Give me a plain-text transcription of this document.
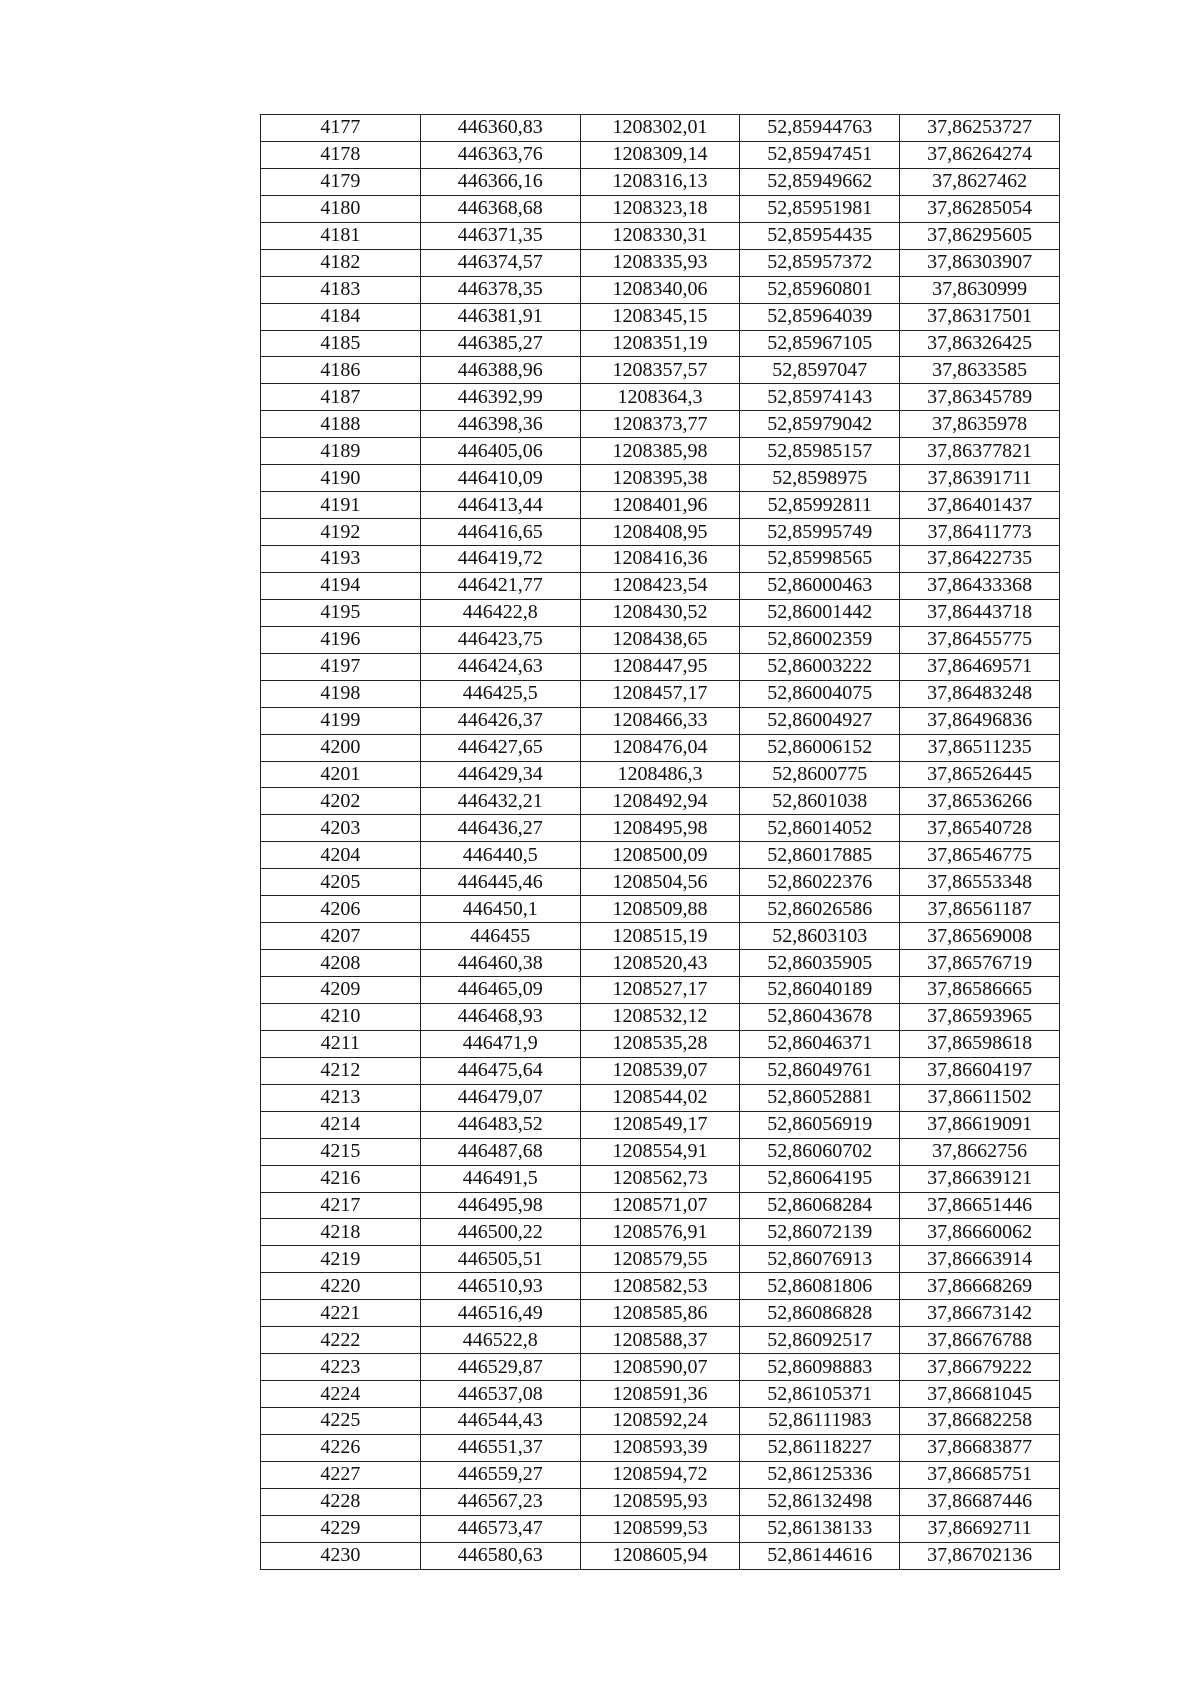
4177	446360,83	1208302,01	52,85944763	37,86253727
4178	446363,76	1208309,14	52,85947451	37,86264274
4179	446366,16	1208316,13	52,85949662	37,8627462
4180	446368,68	1208323,18	52,85951981	37,86285054
4181	446371,35	1208330,31	52,85954435	37,86295605
4182	446374,57	1208335,93	52,85957372	37,86303907
4183	446378,35	1208340,06	52,85960801	37,8630999
4184	446381,91	1208345,15	52,85964039	37,86317501
4185	446385,27	1208351,19	52,85967105	37,86326425
4186	446388,96	1208357,57	52,8597047	37,8633585
4187	446392,99	1208364,3	52,85974143	37,86345789
4188	446398,36	1208373,77	52,85979042	37,8635978
4189	446405,06	1208385,98	52,85985157	37,86377821
4190	446410,09	1208395,38	52,8598975	37,86391711
4191	446413,44	1208401,96	52,85992811	37,86401437
4192	446416,65	1208408,95	52,85995749	37,86411773
4193	446419,72	1208416,36	52,85998565	37,86422735
4194	446421,77	1208423,54	52,86000463	37,86433368
4195	446422,8	1208430,52	52,86001442	37,86443718
4196	446423,75	1208438,65	52,86002359	37,86455775
4197	446424,63	1208447,95	52,86003222	37,86469571
4198	446425,5	1208457,17	52,86004075	37,86483248
4199	446426,37	1208466,33	52,86004927	37,86496836
4200	446427,65	1208476,04	52,86006152	37,86511235
4201	446429,34	1208486,3	52,8600775	37,86526445
4202	446432,21	1208492,94	52,8601038	37,86536266
4203	446436,27	1208495,98	52,86014052	37,86540728
4204	446440,5	1208500,09	52,86017885	37,86546775
4205	446445,46	1208504,56	52,86022376	37,86553348
4206	446450,1	1208509,88	52,86026586	37,86561187
4207	446455	1208515,19	52,8603103	37,86569008
4208	446460,38	1208520,43	52,86035905	37,86576719
4209	446465,09	1208527,17	52,86040189	37,86586665
4210	446468,93	1208532,12	52,86043678	37,86593965
4211	446471,9	1208535,28	52,86046371	37,86598618
4212	446475,64	1208539,07	52,86049761	37,86604197
4213	446479,07	1208544,02	52,86052881	37,86611502
4214	446483,52	1208549,17	52,86056919	37,86619091
4215	446487,68	1208554,91	52,86060702	37,8662756
4216	446491,5	1208562,73	52,86064195	37,86639121
4217	446495,98	1208571,07	52,86068284	37,86651446
4218	446500,22	1208576,91	52,86072139	37,86660062
4219	446505,51	1208579,55	52,86076913	37,86663914
4220	446510,93	1208582,53	52,86081806	37,86668269
4221	446516,49	1208585,86	52,86086828	37,86673142
4222	446522,8	1208588,37	52,86092517	37,86676788
4223	446529,87	1208590,07	52,86098883	37,86679222
4224	446537,08	1208591,36	52,86105371	37,86681045
4225	446544,43	1208592,24	52,86111983	37,86682258
4226	446551,37	1208593,39	52,86118227	37,86683877
4227	446559,27	1208594,72	52,86125336	37,86685751
4228	446567,23	1208595,93	52,86132498	37,86687446
4229	446573,47	1208599,53	52,86138133	37,86692711
4230	446580,63	1208605,94	52,86144616	37,86702136
